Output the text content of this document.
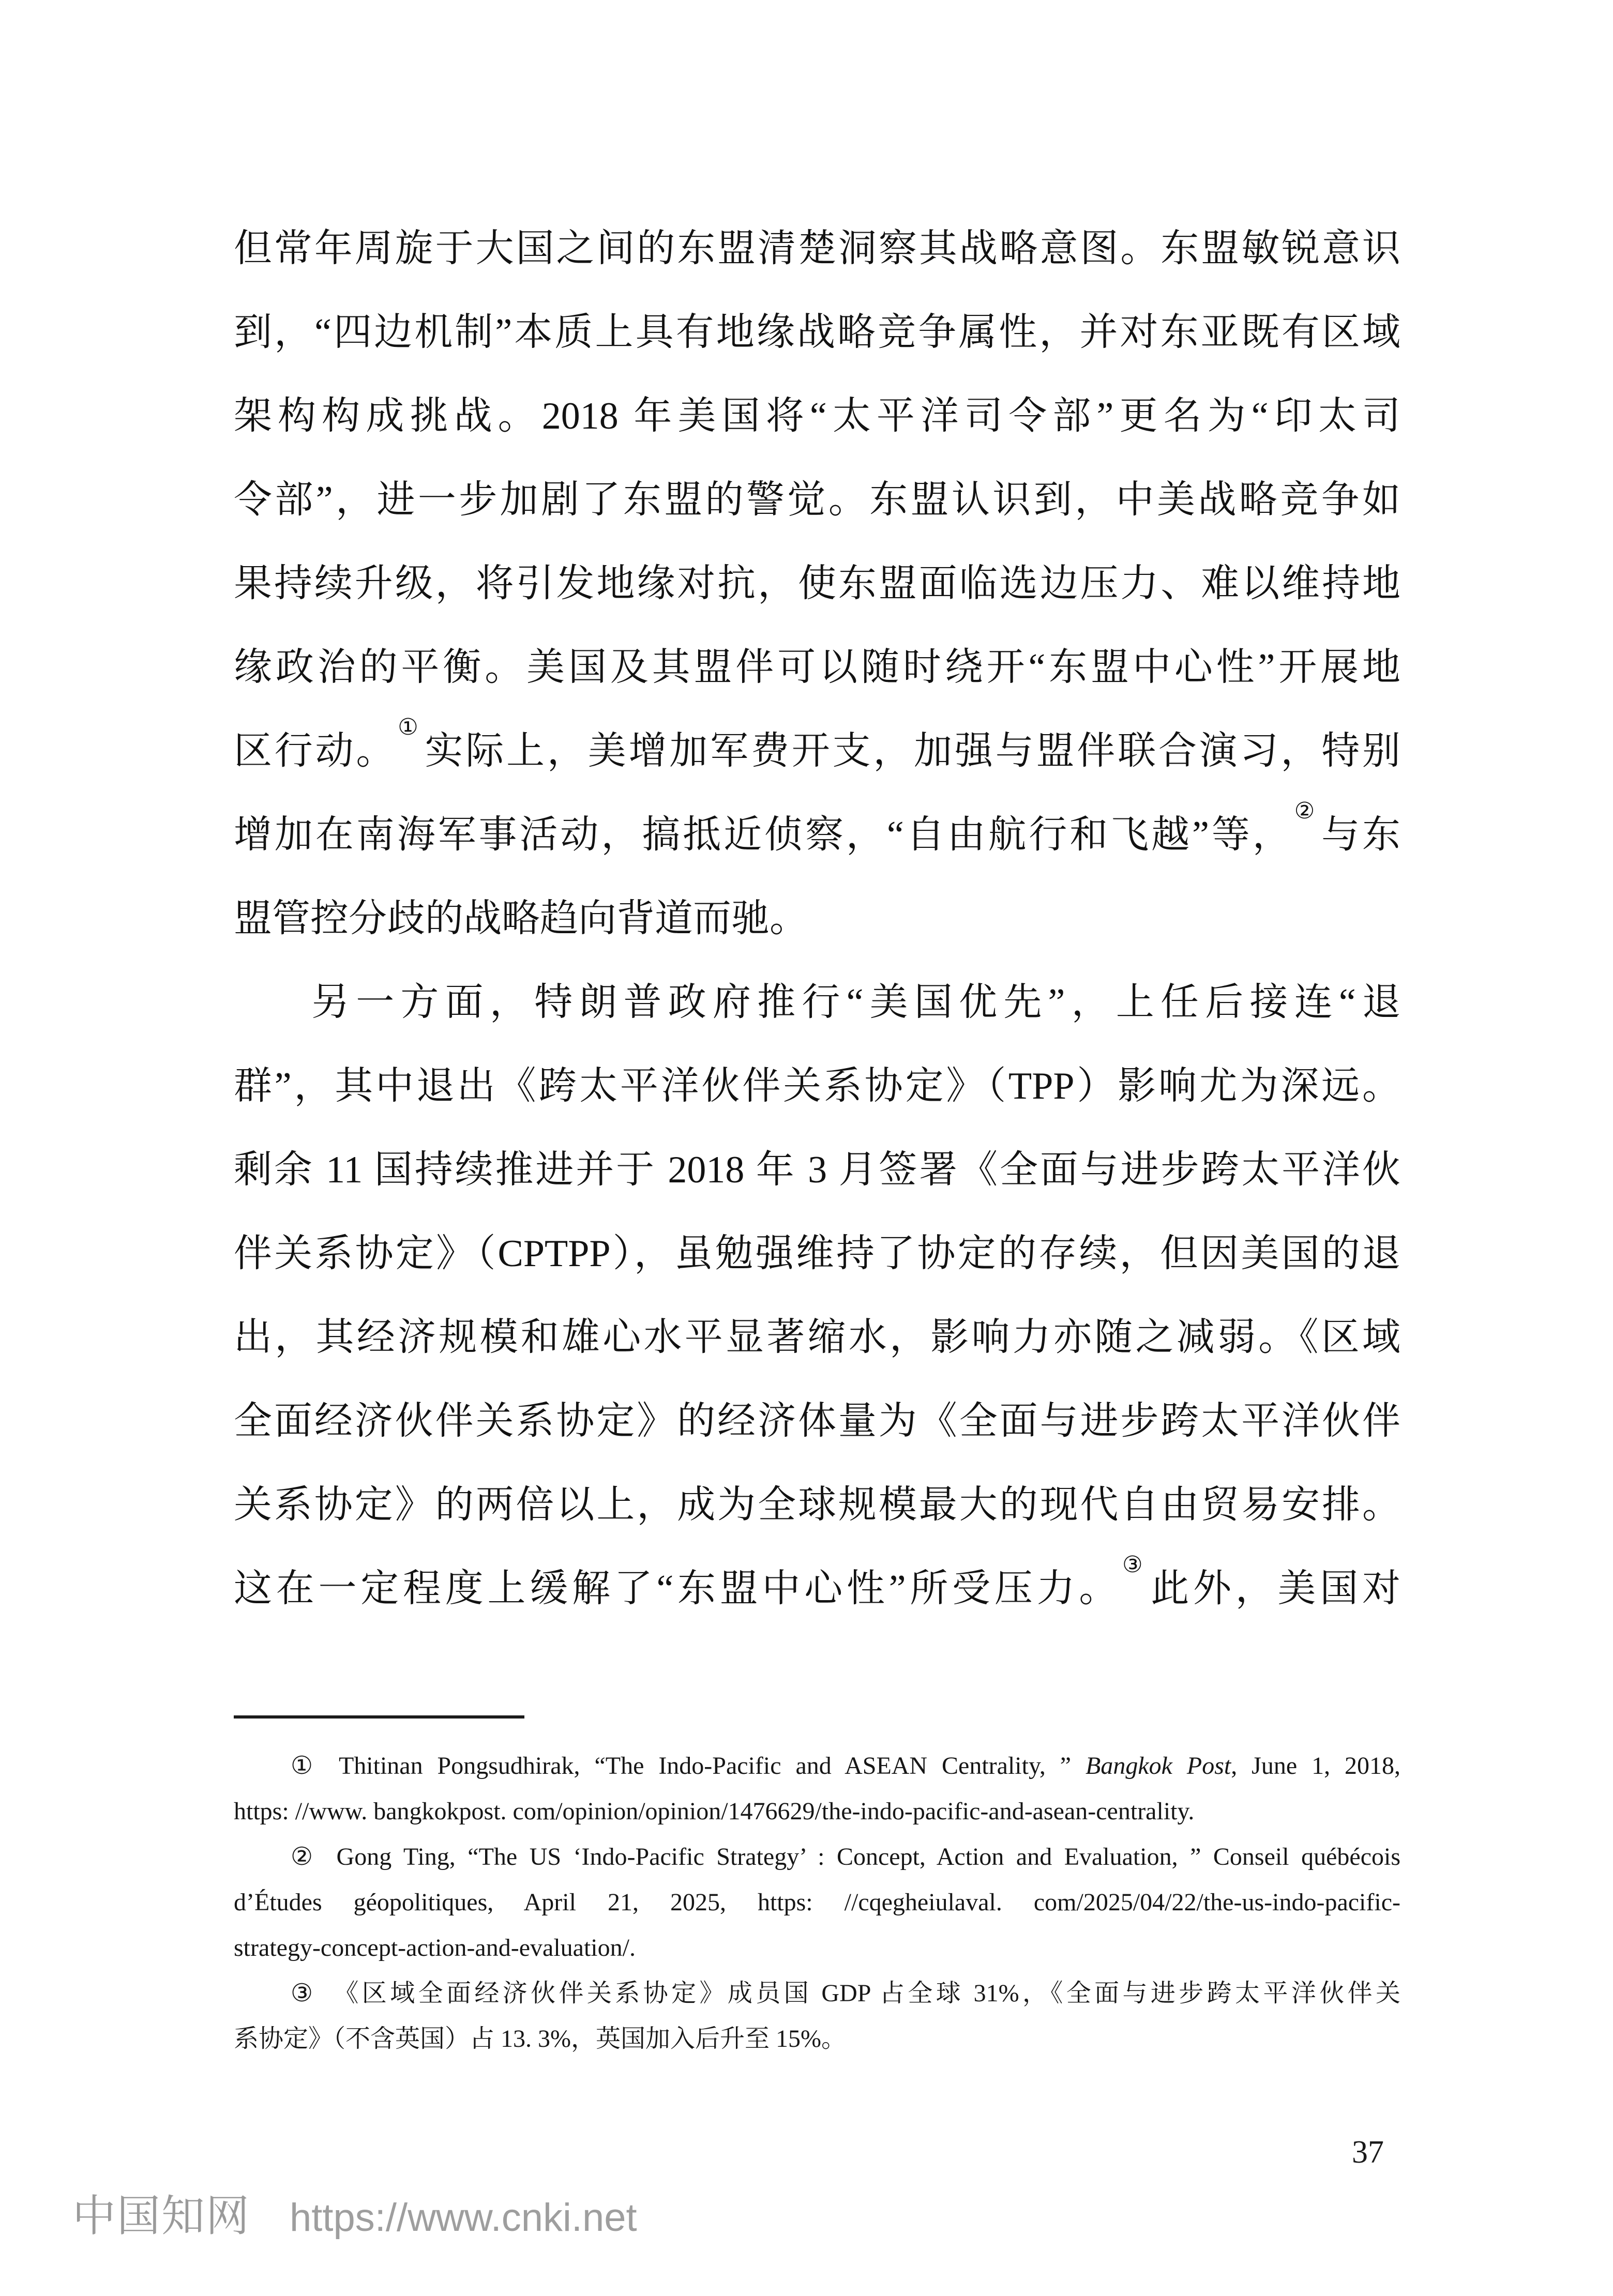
但常年周旋于大国之间的东盟清楚洞察其战略意图。东盟敏锐意识
到，“四边机制”本质上具有地缘战略竞争属性，并对东亚既有区域
架构构成挑战。2018 年美国将“太平洋司令部”更名为“印太司
令部”，进一步加剧了东盟的警觉。东盟认识到，中美战略竞争如
果持续升级，将引发地缘对抗，使东盟面临选边压力、难以维持地
缘政治的平衡。美国及其盟伴可以随时绕开“东盟中心性”开展地
区行动。①实际上，美增加军费开支，加强与盟伴联合演习，特别
增加在南海军事活动，搞抵近侦察，“自由航行和飞越”等，②与东
盟管控分歧的战略趋向背道而驰。
另一方面，特朗普政府推行“美国优先”，上任后接连“退
群”，其中退出《跨太平洋伙伴关系协定》（TPP）影响尤为深远。
剩余 11 国持续推进并于 2018 年 3 月签署《全面与进步跨太平洋伙
伴关系协定》（CPTPP），虽勉强维持了协定的存续，但因美国的退
出，其经济规模和雄心水平显著缩水，影响力亦随之减弱。《区域
全面经济伙伴关系协定》的经济体量为《全面与进步跨太平洋伙伴
关系协定》的两倍以上，成为全球规模最大的现代自由贸易安排。
这在一定程度上缓解了“东盟中心性”所受压力。③此外，美国对
① Thitinan Pongsudhirak, “The Indo-Pacific and ASEAN Centrality, ” Bangkok Post, June 1, 2018,
https: //www. bangkokpost. com/opinion/opinion/1476629/the-indo-pacific-and-asean-centrality.
② Gong Ting, “The US ‘Indo-Pacific Strategy’ : Concept, Action and Evaluation, ” Conseil québécois
d’Études géopolitiques, April 21, 2025, https: //cqegheiulaval. com/2025/04/22/the-us-indo-pacific-
strategy-concept-action-and-evaluation/.
③ 《区域全面经济伙伴关系协定》成员国 GDP 占全球 31%，《全面与进步跨太平洋伙伴关
系协定》（不含英国）占 13. 3%，英国加入后升至 15%。
37
中国知网 https://www.cnki.net
